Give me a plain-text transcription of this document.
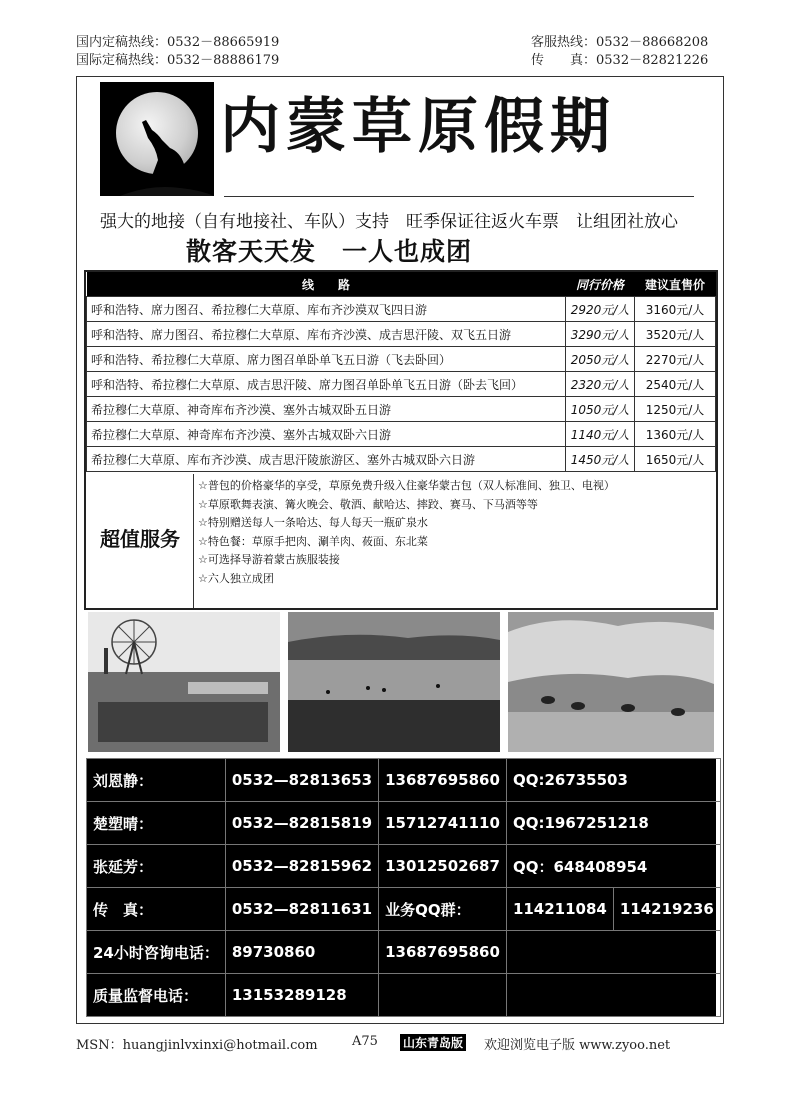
国内定稿热线：0532－88665919
国际定稿热线：0532－88886179
客服热线：0532－88668208
传　　真：0532－82821226
内蒙草原假期
强大的地接（自有地接社、车队）支持　旺季保证往返火车票　让组团社放心
散客天天发　一人也成团
线　　路	同行价格	建议直售价
呼和浩特、席力图召、希拉穆仁大草原、库布齐沙漠双飞四日游	2920元/人	3160元/人
呼和浩特、席力图召、希拉穆仁大草原、库布齐沙漠、成吉思汗陵、双飞五日游	3290元/人	3520元/人
呼和浩特、希拉穆仁大草原、席力图召单卧单飞五日游（飞去卧回）	2050元/人	2270元/人
呼和浩特、希拉穆仁大草原、成吉思汗陵、席力图召单卧单飞五日游（卧去飞回）	2320元/人	2540元/人
希拉穆仁大草原、神奇库布齐沙漠、塞外古城双卧五日游	1050元/人	1250元/人
希拉穆仁大草原、神奇库布齐沙漠、塞外古城双卧六日游	1140元/人	1360元/人
希拉穆仁大草原、库布齐沙漠、成吉思汗陵旅游区、塞外古城双卧六日游	1450元/人	1650元/人
超值服务
☆普包的价格豪华的享受，草原免费升级入住豪华蒙古包（双人标准间、独卫、电视）
☆草原歌舞表演、篝火晚会、敬酒、献哈达、摔跤、赛马、下马酒等等
☆特别赠送每人一条哈达、每人每天一瓶矿泉水
☆特色餐：草原手把肉、涮羊肉、莜面、东北菜
☆可选择导游着蒙古族服装接
☆六人独立成团
刘恩静：	0532—82813653	13687695860	QQ:26735503	
楚塑晴：	0532—82815819	15712741110	QQ:1967251218	
张延芳：	0532—82815962	13012502687	QQ：648408954	
传　真：	0532—82811631	业务QQ群：	114211084	114219236
24小时咨询电话：	89730860	13687695860		
质量监督电话：	13153289128			
MSN：huangjinlvxinxi@hotmail.com	A75 山东青岛版 欢迎浏览电子版 www.zyoo.net
